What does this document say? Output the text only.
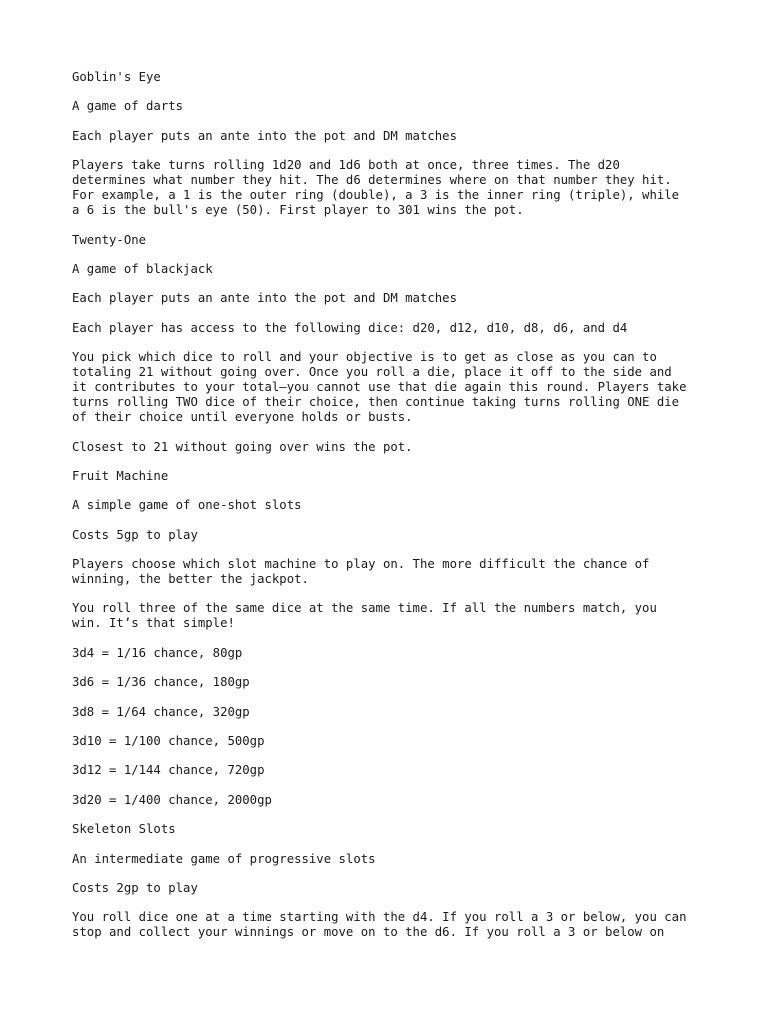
Goblin's Eye
A game of darts
Each player puts an ante into the pot and DM matches
Players take turns rolling 1d20 and 1d6 both at once, three times. The d20
determines what number they hit. The d6 determines where on that number they hit.
For example, a 1 is the outer ring (double), a 3 is the inner ring (triple), while
a 6 is the bull's eye (50). First player to 301 wins the pot.
Twenty-One
A game of blackjack
Each player puts an ante into the pot and DM matches
Each player has access to the following dice: d20, d12, d10, d8, d6, and d4
You pick which dice to roll and your objective is to get as close as you can to
totaling 21 without going over. Once you roll a die, place it off to the side and
it contributes to your total—you cannot use that die again this round. Players take
turns rolling TWO dice of their choice, then continue taking turns rolling ONE die
of their choice until everyone holds or busts.
Closest to 21 without going over wins the pot.
Fruit Machine
A simple game of one-shot slots
Costs 5gp to play
Players choose which slot machine to play on. The more difficult the chance of
winning, the better the jackpot.
You roll three of the same dice at the same time. If all the numbers match, you
win. It’s that simple!
3d4 = 1/16 chance, 80gp
3d6 = 1/36 chance, 180gp
3d8 = 1/64 chance, 320gp
3d10 = 1/100 chance, 500gp
3d12 = 1/144 chance, 720gp
3d20 = 1/400 chance, 2000gp
Skeleton Slots
An intermediate game of progressive slots
Costs 2gp to play
You roll dice one at a time starting with the d4. If you roll a 3 or below, you can
stop and collect your winnings or move on to the d6. If you roll a 3 or below on
